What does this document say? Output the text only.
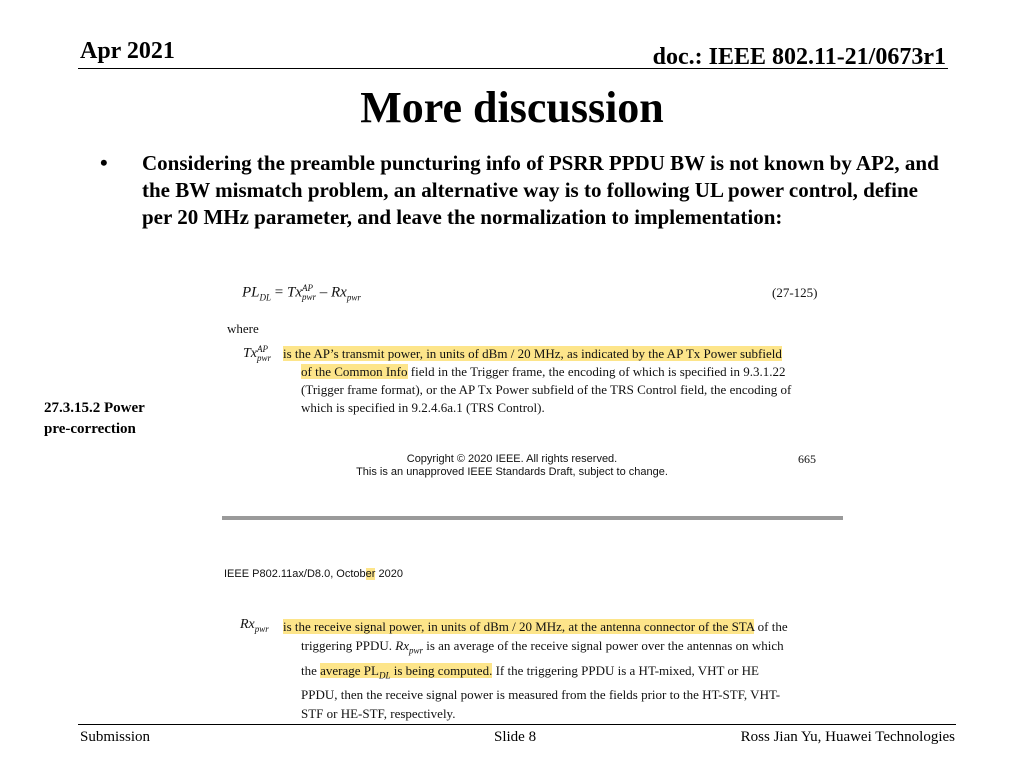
Apr 2021	doc.: IEEE 802.11-21/0673r1
More discussion
• Considering the preamble puncturing info of PSRR PPDU BW is not known by AP2, and the BW mismatch problem, an alternative way is to following UL power control, define per 20 MHz parameter, and leave the normalization to implementation:
27.3.15.2 Power pre-correction
$PL_{DL} = Tx$ AP
pwr – $Rx_{pwr}$	(27-125)
where
Tx AP
pwr is the AP’s transmit power, in units of dBm / 20 MHz, as indicated by the AP Tx Power subfield
of the Common Info field in the Trigger frame, the encoding of which is specified in 9.3.1.22
(Trigger frame format), or the AP Tx Power subfield of the TRS Control field, the encoding of
which is specified in 9.2.4.6a.1 (TRS Control).
Copyright © 2020 IEEE. All rights reserved.
This is an unapproved IEEE Standards Draft, subject to change.
665
IEEE P802.11ax/D8.0, October 2020
$Rx_{pwr}$ is the receive signal power, in units of dBm / 20 MHz, at the antenna connector of the STA of the
triggering PPDU. $Rx_{pwr}$ is an average of the receive signal power over the antennas on which
the average $PL_{DL}$ is being computed. If the triggering PPDU is a HT-mixed, VHT or HE
PPDU, then the receive signal power is measured from the fields prior to the HT-STF, VHT-
STF or HE-STF, respectively.
Submission	Slide 8	Ross Jian Yu, Huawei Technologies
